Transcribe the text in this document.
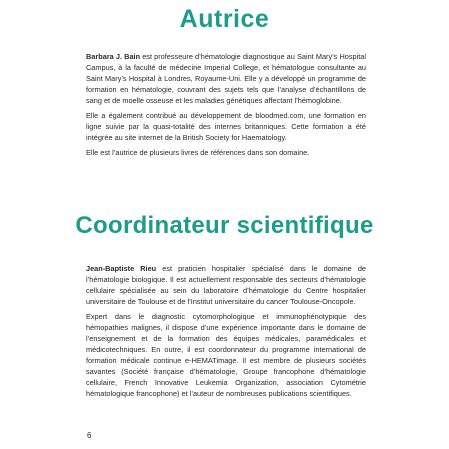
Autrice

Barbara J. Bain est professeure d’hématologie diagnostique au Saint Mary’s Hospital Campus, à la faculté de médecine Imperial College, et hématologue consultante au Saint Mary’s Hospital à Londres, Royaume-Uni. Elle y a développé un programme de formation en hématologie, couvrant des sujets tels que l’analyse d’échantillons de sang et de moelle osseuse et les maladies génétiques affectant l’hémoglobine.

Elle a également contribué au développement de bloodmed.com, une formation en ligne suivie par la quasi-totalité des internes britanniques. Cette formation a été intégrée au site internet de la British Society for Haematology.

Elle est l’autrice de plusieurs livres de références dans son domaine.

Coordinateur scientifique

Jean-Baptiste Rieu est praticien hospitalier spécialisé dans le domaine de l’hématologie biologique. Il est actuellement responsable des secteurs d’hématologie cellulaire spécialisée au sein du laboratoire d’hématologie du Centre hospitalier universitaire de Toulouse et de l’Institut universitaire du cancer Toulouse-Oncopole.

Expert dans le diagnostic cytomorphologique et immunophénotypique des hémopathies malignes, il dispose d’une expérience importante dans le domaine de l’enseignement et de la formation des équipes médicales, paramédicales et médicotechniques. En outre, il est coordonnateur du programme international de formation médicale continue e-HEMATimage. Il est membre de plusieurs sociétés savantes (Société française d’hématologie, Groupe francophone d’hématologie cellulaire, French Innovative Leukemia Organization, association Cytométrie hématologique francophone) et l’auteur de nombreuses publications scientifiques.

6
